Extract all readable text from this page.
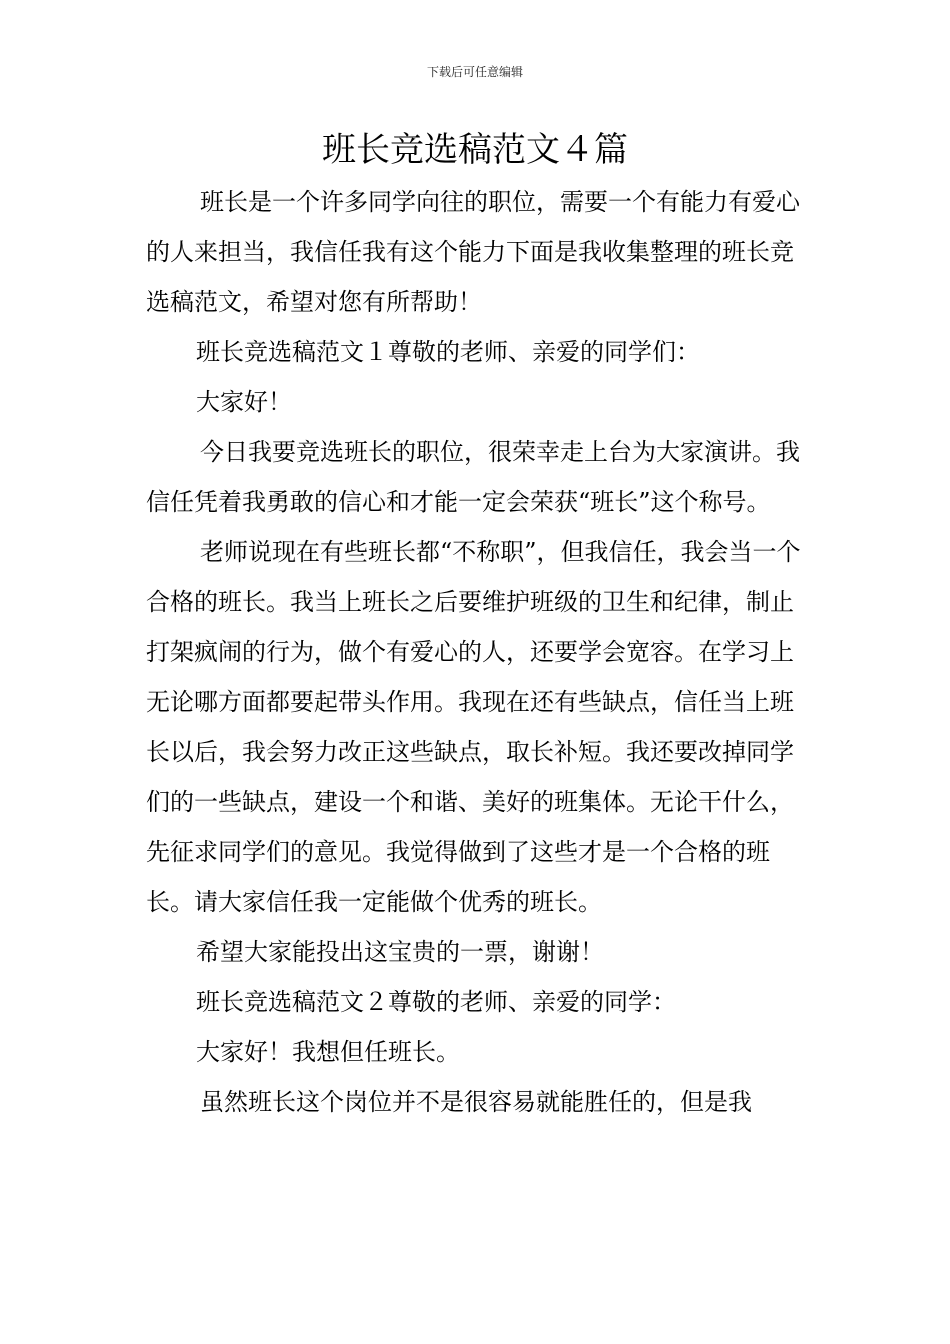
下载后可任意编辑
班长竞选稿范文４篇

班长是一个许多同学向往的职位，需要一个有能力有爱心的人来担当，我信任我有这个能力下面是我收集整理的班长竞选稿范文，希望对您有所帮助！

班长竞选稿范文１尊敬的老师、亲爱的同学们：

大家好！

今日我要竞选班长的职位，很荣幸走上台为大家演讲。我信任凭着我勇敢的信心和才能一定会荣获“班长”这个称号。

老师说现在有些班长都“不称职”，但我信任，我会当一个合格的班长。我当上班长之后要维护班级的卫生和纪律，制止打架疯闹的行为，做个有爱心的人，还要学会宽容。在学习上无论哪方面都要起带头作用。我现在还有些缺点，信任当上班长以后，我会努力改正这些缺点，取长补短。我还要改掉同学们的一些缺点，建设一个和谐、美好的班集体。无论干什么，先征求同学们的意见。我觉得做到了这些才是一个合格的班长。请大家信任我一定能做个优秀的班长。

希望大家能投出这宝贵的一票，谢谢！

班长竞选稿范文２尊敬的老师、亲爱的同学：

大家好！我想但任班长。

虽然班长这个岗位并不是很容易就能胜任的，但是我
